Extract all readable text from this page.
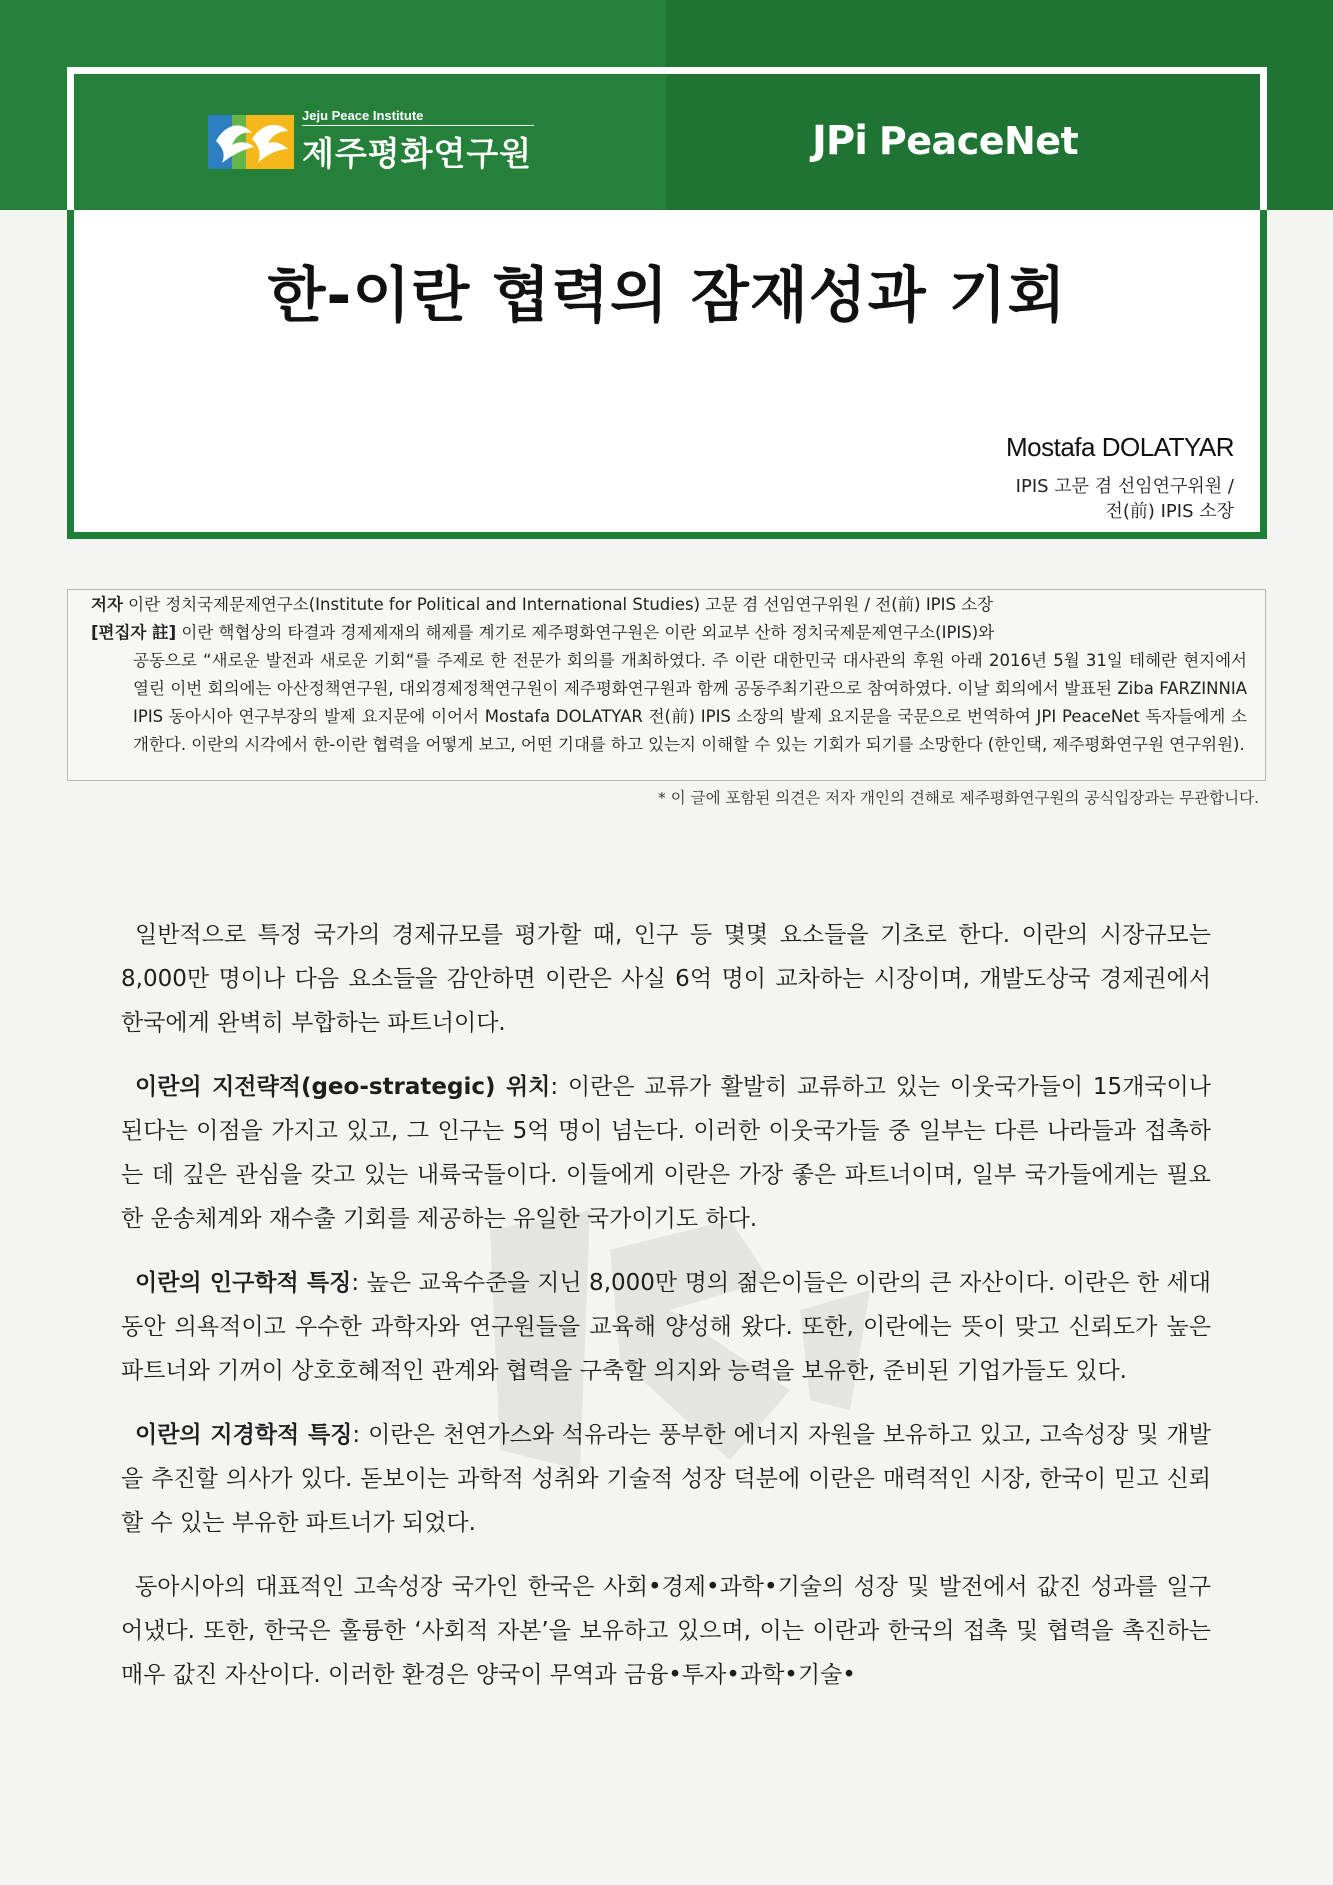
Jeju Peace Institute
제주평화연구원	JPi PeaceNet
한-이란 협력의 잠재성과 기회
Mostafa DOLATYAR
IPIS 고문 겸 선임연구위원 /
전(前) IPIS 소장
저자 이란 정치국제문제연구소(Institute for Political and International Studies) 고문 겸 선임연구위원 / 전(前) IPIS 소장
[편집자 註] 이란 핵협상의 타결과 경제제재의 해제를 계기로 제주평화연구원은 이란 외교부 산하 정치국제문제연구소(IPIS)와
공동으로 “새로운 발전과 새로운 기회“를 주제로 한 전문가 회의를 개최하였다. 주 이란 대한민국 대사관의 후원 아래 2016년 5월 31일 테헤란 현지에서 열린 이번 회의에는 아산정책연구원, 대외경제정책연구원이 제주평화연구원과 함께 공동주최기관으로 참여하였다. 이날 회의에서 발표된 Ziba FARZINNIA IPIS 동아시아 연구부장의 발제 요지문에 이어서 Mostafa DOLATYAR 전(前) IPIS 소장의 발제 요지문을 국문으로 번역하여 JPI PeaceNet 독자들에게 소개한다. 이란의 시각에서 한-이란 협력을 어떻게 보고, 어떤 기대를 하고 있는지 이해할 수 있는 기회가 되기를 소망한다 (한인택, 제주평화연구원 연구위원).
* 이 글에 포함된 의견은 저자 개인의 견해로 제주평화연구원의 공식입장과는 무관합니다.

일반적으로 특정 국가의 경제규모를 평가할 때, 인구 등 몇몇 요소들을 기초로 한다. 이란의 시장규모는 8,000만 명이나 다음 요소들을 감안하면 이란은 사실 6억 명이 교차하는 시장이며, 개발도상국 경제권에서 한국에게 완벽히 부합하는 파트너이다.

이란의 지전략적(geo-strategic) 위치: 이란은 교류가 활발히 교류하고 있는 이웃국가들이 15개국이나 된다는 이점을 가지고 있고, 그 인구는 5억 명이 넘는다. 이러한 이웃국가들 중 일부는 다른 나라들과 접촉하는 데 깊은 관심을 갖고 있는 내륙국들이다. 이들에게 이란은 가장 좋은 파트너이며, 일부 국가들에게는 필요한 운송체계와 재수출 기회를 제공하는 유일한 국가이기도 하다.

이란의 인구학적 특징: 높은 교육수준을 지닌 8,000만 명의 젊은이들은 이란의 큰 자산이다. 이란은 한 세대 동안 의욕적이고 우수한 과학자와 연구원들을 교육해 양성해 왔다. 또한, 이란에는 뜻이 맞고 신뢰도가 높은 파트너와 기꺼이 상호호혜적인 관계와 협력을 구축할 의지와 능력을 보유한, 준비된 기업가들도 있다.

이란의 지경학적 특징: 이란은 천연가스와 석유라는 풍부한 에너지 자원을 보유하고 있고, 고속성장 및 개발을 추진할 의사가 있다. 돋보이는 과학적 성취와 기술적 성장 덕분에 이란은 매력적인 시장, 한국이 믿고 신뢰할 수 있는 부유한 파트너가 되었다.

동아시아의 대표적인 고속성장 국가인 한국은 사회•경제•과학•기술의 성장 및 발전에서 값진 성과를 일구어냈다. 또한, 한국은 훌륭한 ‘사회적 자본’을 보유하고 있으며, 이는 이란과 한국의 접촉 및 협력을 촉진하는 매우 값진 자산이다. 이러한 환경은 양국이 무역과 금융•투자•과학•기술•
